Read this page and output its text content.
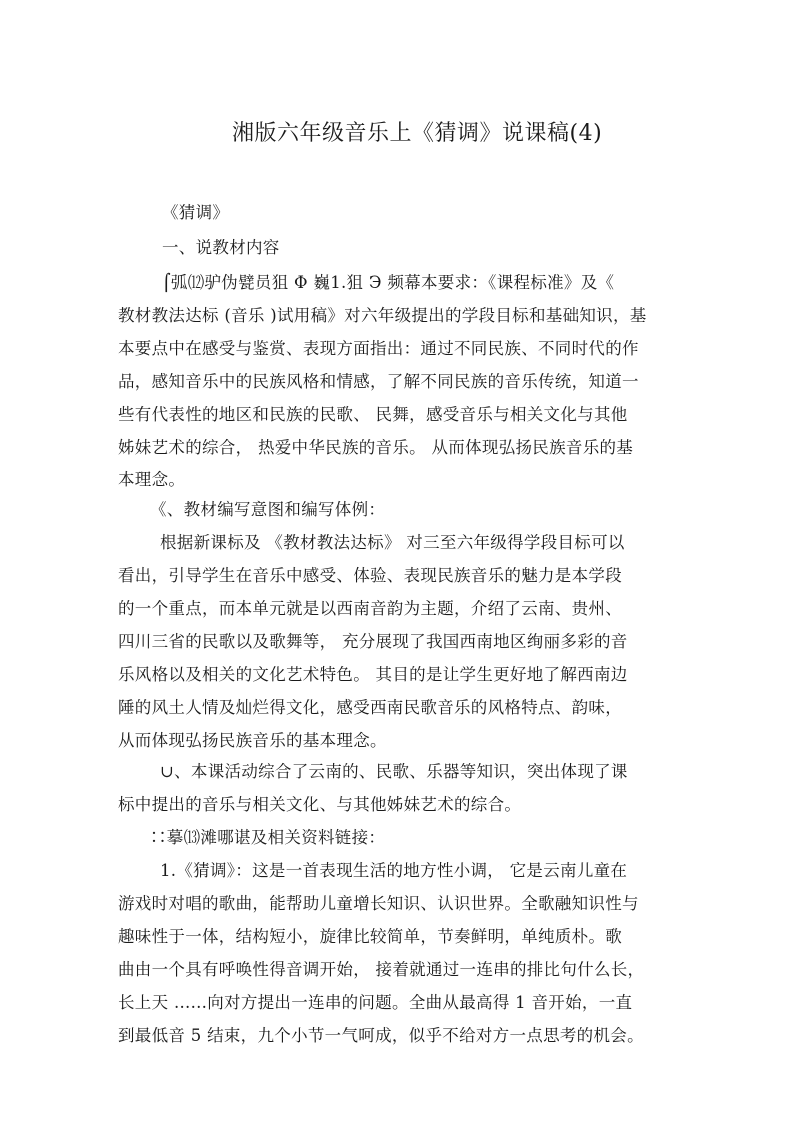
湘版六年级音乐上《猜调》说课稿(4)
《猜调》
一、说教材内容
⌠弧⑿驴伪甓员狙 Φ 巍1.狙 Э 频幕本要求：《课程标准》及《
教材教法达标 (音乐 )试用稿》对六年级提出的学段目标和基础知识，基
本要点中在感受与鉴赏、表现方面指出：通过不同民族、不同时代的作
品，感知音乐中的民族风格和情感，了解不同民族的音乐传统，知道一
些有代表性的地区和民族的民歌、 民舞，感受音乐与相关文化与其他
姊妹艺术的综合， 热爱中华民族的音乐。 从而体现弘扬民族音乐的基
本理念。
《、教材编写意图和编写体例：
根据新课标及 《教材教法达标》 对三至六年级得学段目标可以
看出，引导学生在音乐中感受、体验、表现民族音乐的魅力是本学段
的一个重点，而本单元就是以西南音韵为主题，介绍了云南、贵州、
四川三省的民歌以及歌舞等， 充分展现了我国西南地区绚丽多彩的音
乐风格以及相关的文化艺术特色。 其目的是让学生更好地了解西南边
陲的风土人情及灿烂得文化，感受西南民歌音乐的风格特点、韵味，
从而体现弘扬民族音乐的基本理念。
∪、本课活动综合了云南的、民歌、乐器等知识，突出体现了课
标中提出的音乐与相关文化、与其他姊妹艺术的综合。
∷摹⒀滩哪谌及相关资料链接：
1.《猜调》：这是一首表现生活的地方性小调， 它是云南儿童在
游戏时对唱的歌曲，能帮助儿童增长知识、认识世界。全歌融知识性与
趣味性于一体，结构短小，旋律比较简单，节奏鲜明，单纯质朴。歌
曲由一个具有呼唤性得音调开始， 接着就通过一连串的排比句什么长，
长上天 ......向对方提出一连串的问题。全曲从最高得 1 音开始，一直
到最低音 5 结束，九个小节一气呵成，似乎不给对方一点思考的机会。
